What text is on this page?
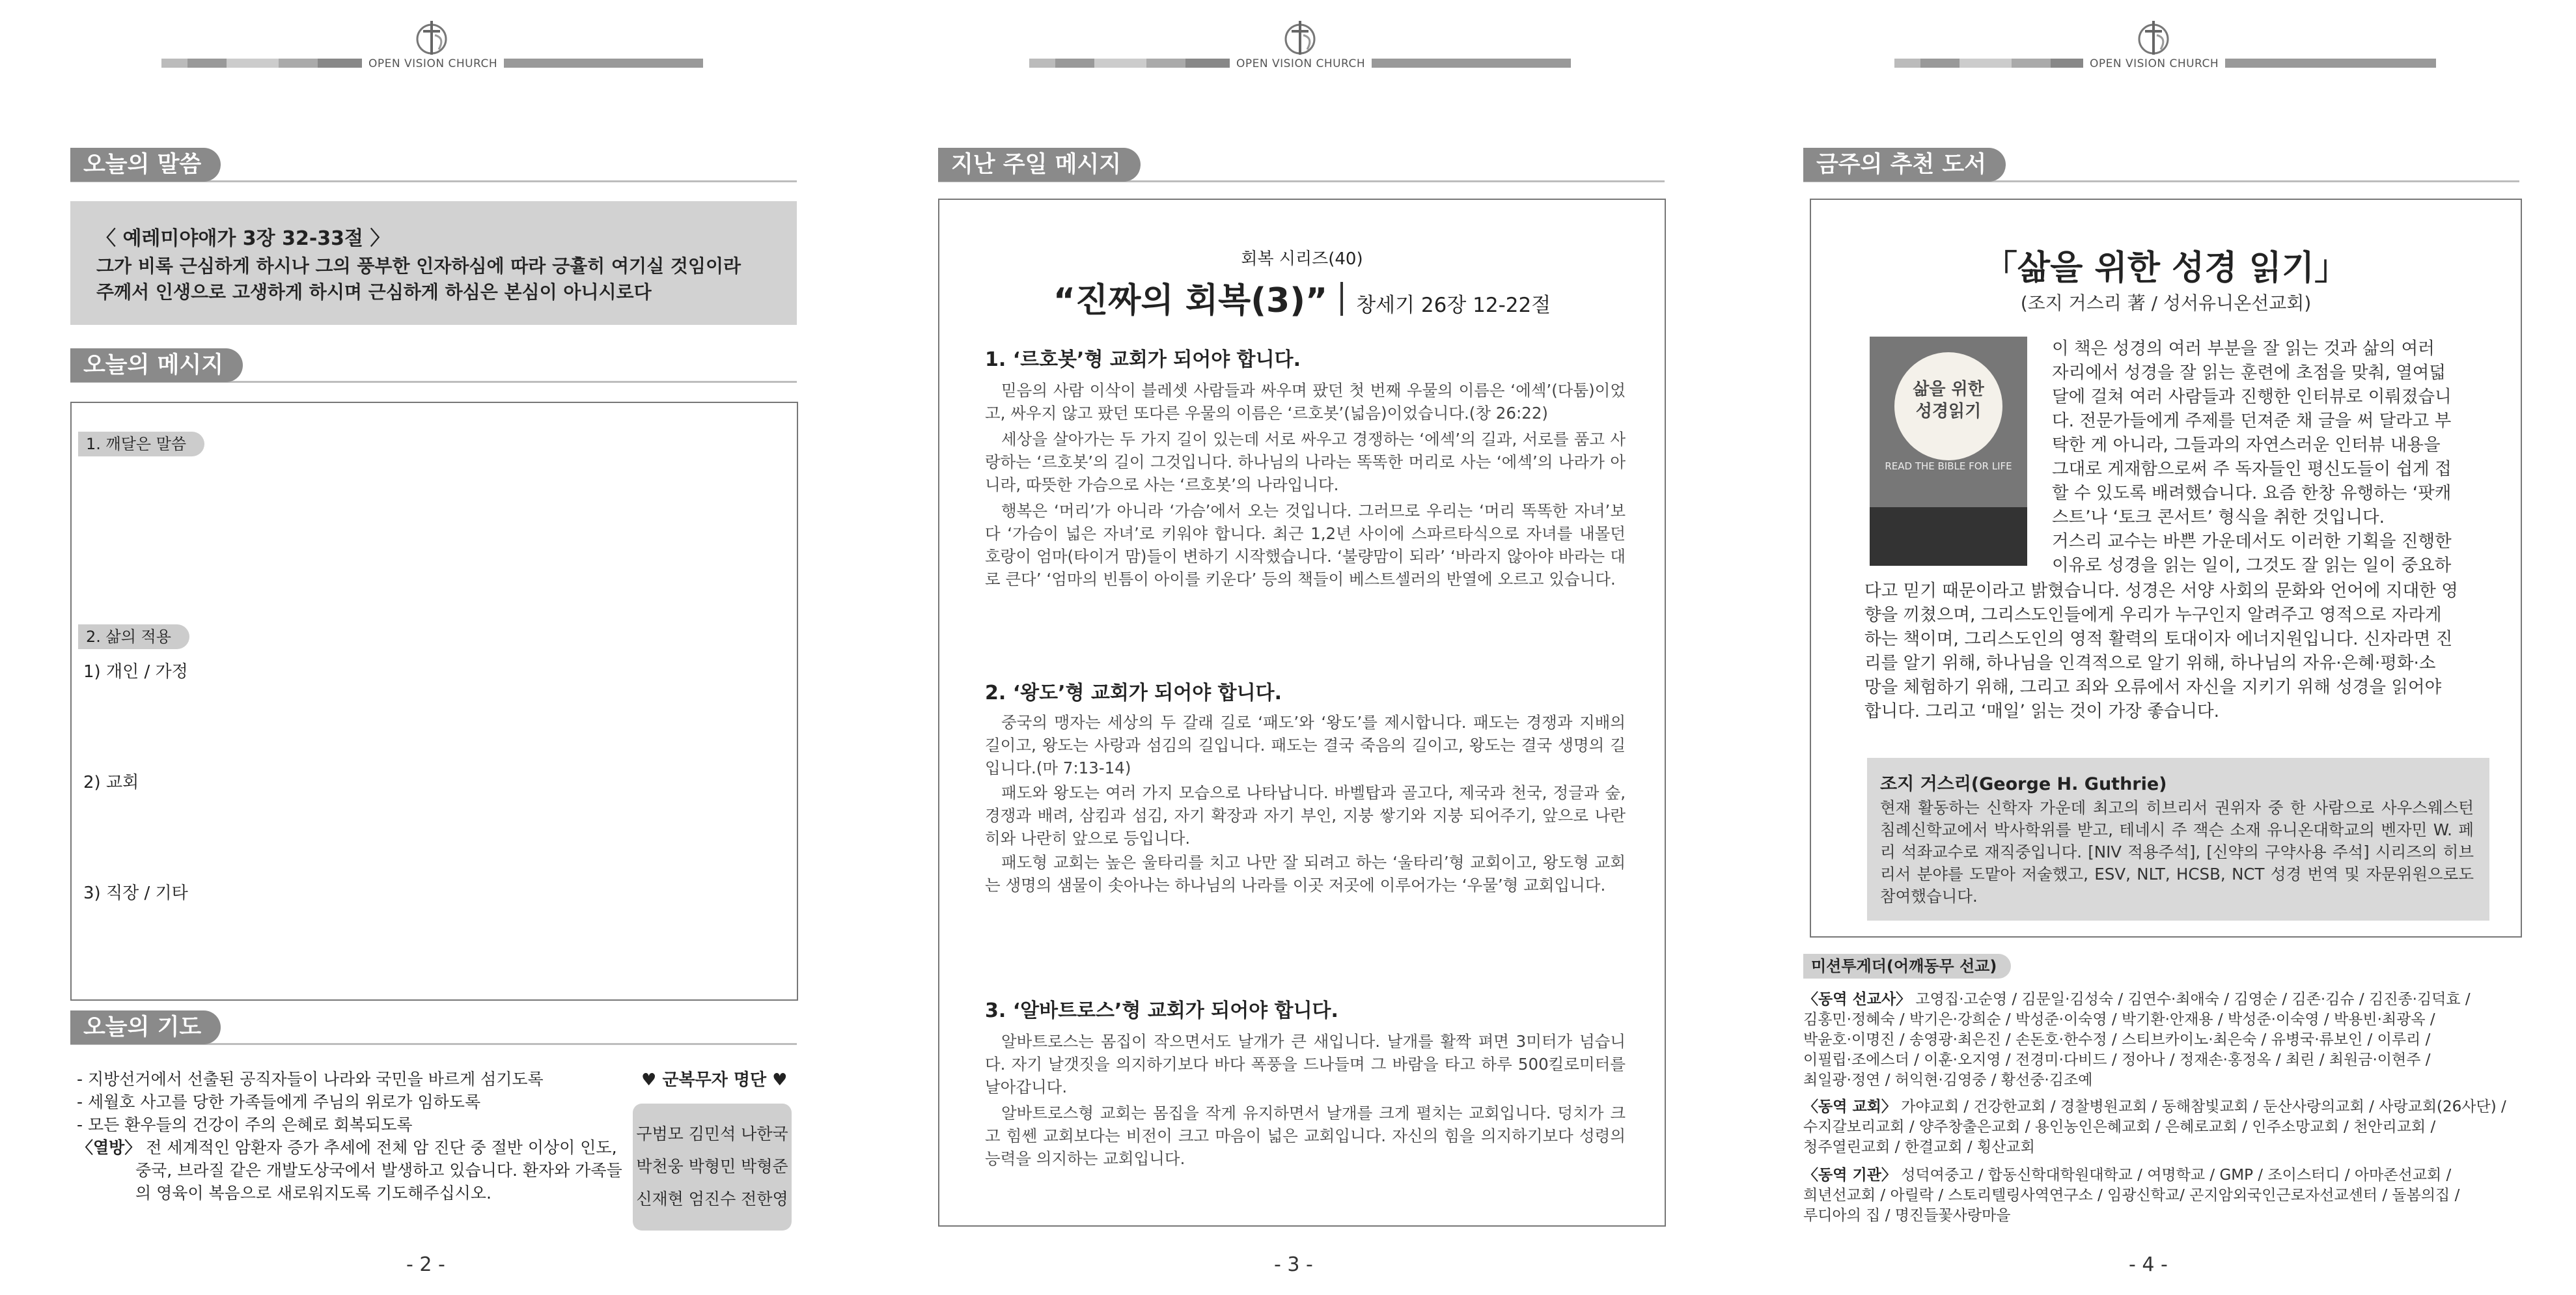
OPEN VISION CHURCH
오늘의 말씀
〈 예레미야애가 3장 32-33절 〉
그가 비록 근심하게 하시나 그의 풍부한 인자하심에 따라 긍휼히 여기실 것임이라
주께서 인생으로 고생하게 하시며 근심하게 하심은 본심이 아니시로다
오늘의 메시지
1. 깨달은 말씀
2. 삶의 적용
1) 개인 / 가정
2) 교회
3) 직장 / 기타
오늘의 기도
- 지방선거에서 선출된 공직자들이 나라와 국민을 바르게 섬기도록
- 세월호 사고를 당한 가족들에게 주님의 위로가 임하도록
- 모든 환우들의 건강이 주의 은혜로 회복되도록
〈열방〉 전 세계적인 암환자 증가 추세에 전체 암 진단 중 절반 이상이 인도,
중국, 브라질 같은 개발도상국에서 발생하고 있습니다. 환자와 가족들
의 영육이 복음으로 새로워지도록 기도해주십시오.
♥ 군복무자 명단 ♥
구범모 김민석 나한국
박천웅 박형민 박형준
신재현 엄진수 전한영
- 2 -
OPEN VISION CHURCH
지난 주일 메시지
회복 시리즈(40)
“진짜의 회복(3)” 창세기 26장 12-22절
1. ‘르호봇’형 교회가 되어야 합니다.
믿음의 사람 이삭이 블레셋 사람들과 싸우며 팠던 첫 번째 우물의 이름은 ‘에섹’(다툼)이었고, 싸우지 않고 팠던 또다른 우물의 이름은 ‘르호봇’(넓음)이었습니다.(창 26:22)
세상을 살아가는 두 가지 길이 있는데 서로 싸우고 경쟁하는 ‘에섹’의 길과, 서로를 품고 사랑하는 ‘르호봇’의 길이 그것입니다. 하나님의 나라는 똑똑한 머리로 사는 ‘에섹’의 나라가 아니라, 따뜻한 가슴으로 사는 ‘르호봇’의 나라입니다.
행복은 ‘머리’가 아니라 ‘가슴’에서 오는 것입니다. 그러므로 우리는 ‘머리 똑똑한 자녀’보다 ‘가슴이 넓은 자녀’로 키워야 합니다. 최근 1,2년 사이에 스파르타식으로 자녀를 내몰던 호랑이 엄마(타이거 맘)들이 변하기 시작했습니다. ‘불량맘이 되라’ ‘바라지 않아야 바라는 대로 큰다’ ‘엄마의 빈틈이 아이를 키운다’ 등의 책들이 베스트셀러의 반열에 오르고 있습니다.
2. ‘왕도’형 교회가 되어야 합니다.
중국의 맹자는 세상의 두 갈래 길로 ‘패도’와 ‘왕도’를 제시합니다. 패도는 경쟁과 지배의 길이고, 왕도는 사랑과 섬김의 길입니다. 패도는 결국 죽음의 길이고, 왕도는 결국 생명의 길입니다.(마 7:13-14)
패도와 왕도는 여러 가지 모습으로 나타납니다. 바벨탑과 골고다, 제국과 천국, 정글과 숲, 경쟁과 배려, 삼킴과 섬김, 자기 확장과 자기 부인, 지붕 쌓기와 지붕 되어주기, 앞으로 나란히와 나란히 앞으로 등입니다.
패도형 교회는 높은 울타리를 치고 나만 잘 되려고 하는 ‘울타리’형 교회이고, 왕도형 교회는 생명의 샘물이 솟아나는 하나님의 나라를 이곳 저곳에 이루어가는 ‘우물’형 교회입니다.
3. ‘알바트로스’형 교회가 되어야 합니다.
알바트로스는 몸집이 작으면서도 날개가 큰 새입니다. 날개를 활짝 펴면 3미터가 넘습니다. 자기 날갯짓을 의지하기보다 바다 폭풍을 드나들며 그 바람을 타고 하루 500킬로미터를 날아갑니다.
알바트로스형 교회는 몸집을 작게 유지하면서 날개를 크게 펼치는 교회입니다. 덩치가 크고 힘쎈 교회보다는 비전이 크고 마음이 넓은 교회입니다. 자신의 힘을 의지하기보다 성령의 능력을 의지하는 교회입니다.
- 3 -
OPEN VISION CHURCH
금주의 추천 도서
「삶을 위한 성경 읽기」
(조지 거스리 著 / 성서유니온선교회)
삶을 위한
성경읽기
READ THE BIBLE FOR LIFE
이 책은 성경의 여러 부분을 잘 읽는 것과 삶의 여러
자리에서 성경을 잘 읽는 훈련에 초점을 맞춰, 열여덟
달에 걸쳐 여러 사람들과 진행한 인터뷰로 이뤄졌습니
다. 전문가들에게 주제를 던져준 채 글을 써 달라고 부
탁한 게 아니라, 그들과의 자연스러운 인터뷰 내용을
그대로 게재함으로써 주 독자들인 평신도들이 쉽게 접
할 수 있도록 배려했습니다. 요즘 한창 유행하는 ‘팟캐
스트’나 ‘토크 콘서트’ 형식을 취한 것입니다.
거스리 교수는 바쁜 가운데서도 이러한 기획을 진행한
이유로 성경을 읽는 일이, 그것도 잘 읽는 일이 중요하
다고 믿기 때문이라고 밝혔습니다. 성경은 서양 사회의 문화와 언어에 지대한 영
향을 끼쳤으며, 그리스도인들에게 우리가 누구인지 알려주고 영적으로 자라게
하는 책이며, 그리스도인의 영적 활력의 토대이자 에너지원입니다. 신자라면 진
리를 알기 위해, 하나님을 인격적으로 알기 위해, 하나님의 자유·은혜·평화·소
망을 체험하기 위해, 그리고 죄와 오류에서 자신을 지키기 위해 성경을 읽어야
합니다. 그리고 ‘매일’ 읽는 것이 가장 좋습니다.
조지 거스리(George H. Guthrie)
현재 활동하는 신학자 가운데 최고의 히브리서 권위자 중 한 사람으로 사우스웨스턴 침례신학교에서 박사학위를 받고, 테네시 주 잭슨 소재 유니온대학교의 벤자민 W. 페리 석좌교수로 재직중입니다. [NIV 적용주석], [신약의 구약사용 주석] 시리즈의 히브리서 분야를 도맡아 저술했고, ESV, NLT, HCSB, NCT 성경 번역 및 자문위원으로도 참여했습니다.
미션투게더(어깨동무 선교)
〈동역 선교사〉 고영집·고순영 / 김문일·김성숙 / 김연수·최애숙 / 김영순 / 김존·김슈 / 김진종·김덕효 /
김홍민·정혜숙 / 박기은·강희순 / 박성준·이숙영 / 박기환·안재용 / 박성준·이숙영 / 박용빈·최광옥 /
박윤호·이명진 / 송영광·최은진 / 손돈호·한수정 / 스티브카이노·최은숙 / 유병국·류보인 / 이루리 /
이필립·조에스더 / 이훈·오지영 / 전경미·다비드 / 정아나 / 정재손·홍정옥 / 최린 / 최원금·이현주 /
최일광·정연 / 허익현·김영중 / 황선중·김조예
〈동역 교회〉 가야교회 / 건강한교회 / 경찰병원교회 / 동해참빛교회 / 둔산사랑의교회 / 사랑교회(26사단) /
수지갈보리교회 / 양주창출은교회 / 용인농인은혜교회 / 은혜로교회 / 인주소망교회 / 천안리교회 /
청주열린교회 / 한결교회 / 횡산교회
〈동역 기관〉 성덕여중고 / 합동신학대학원대학교 / 여명학교 / GMP / 조이스터디 / 아마존선교회 /
희년선교회 / 아릴락 / 스토리텔링사역연구소 / 임광신학교/ 곤지암외국인근로자선교센터 / 돌봄의집 /
루디아의 집 / 명진들꽃사랑마을
- 4 -
